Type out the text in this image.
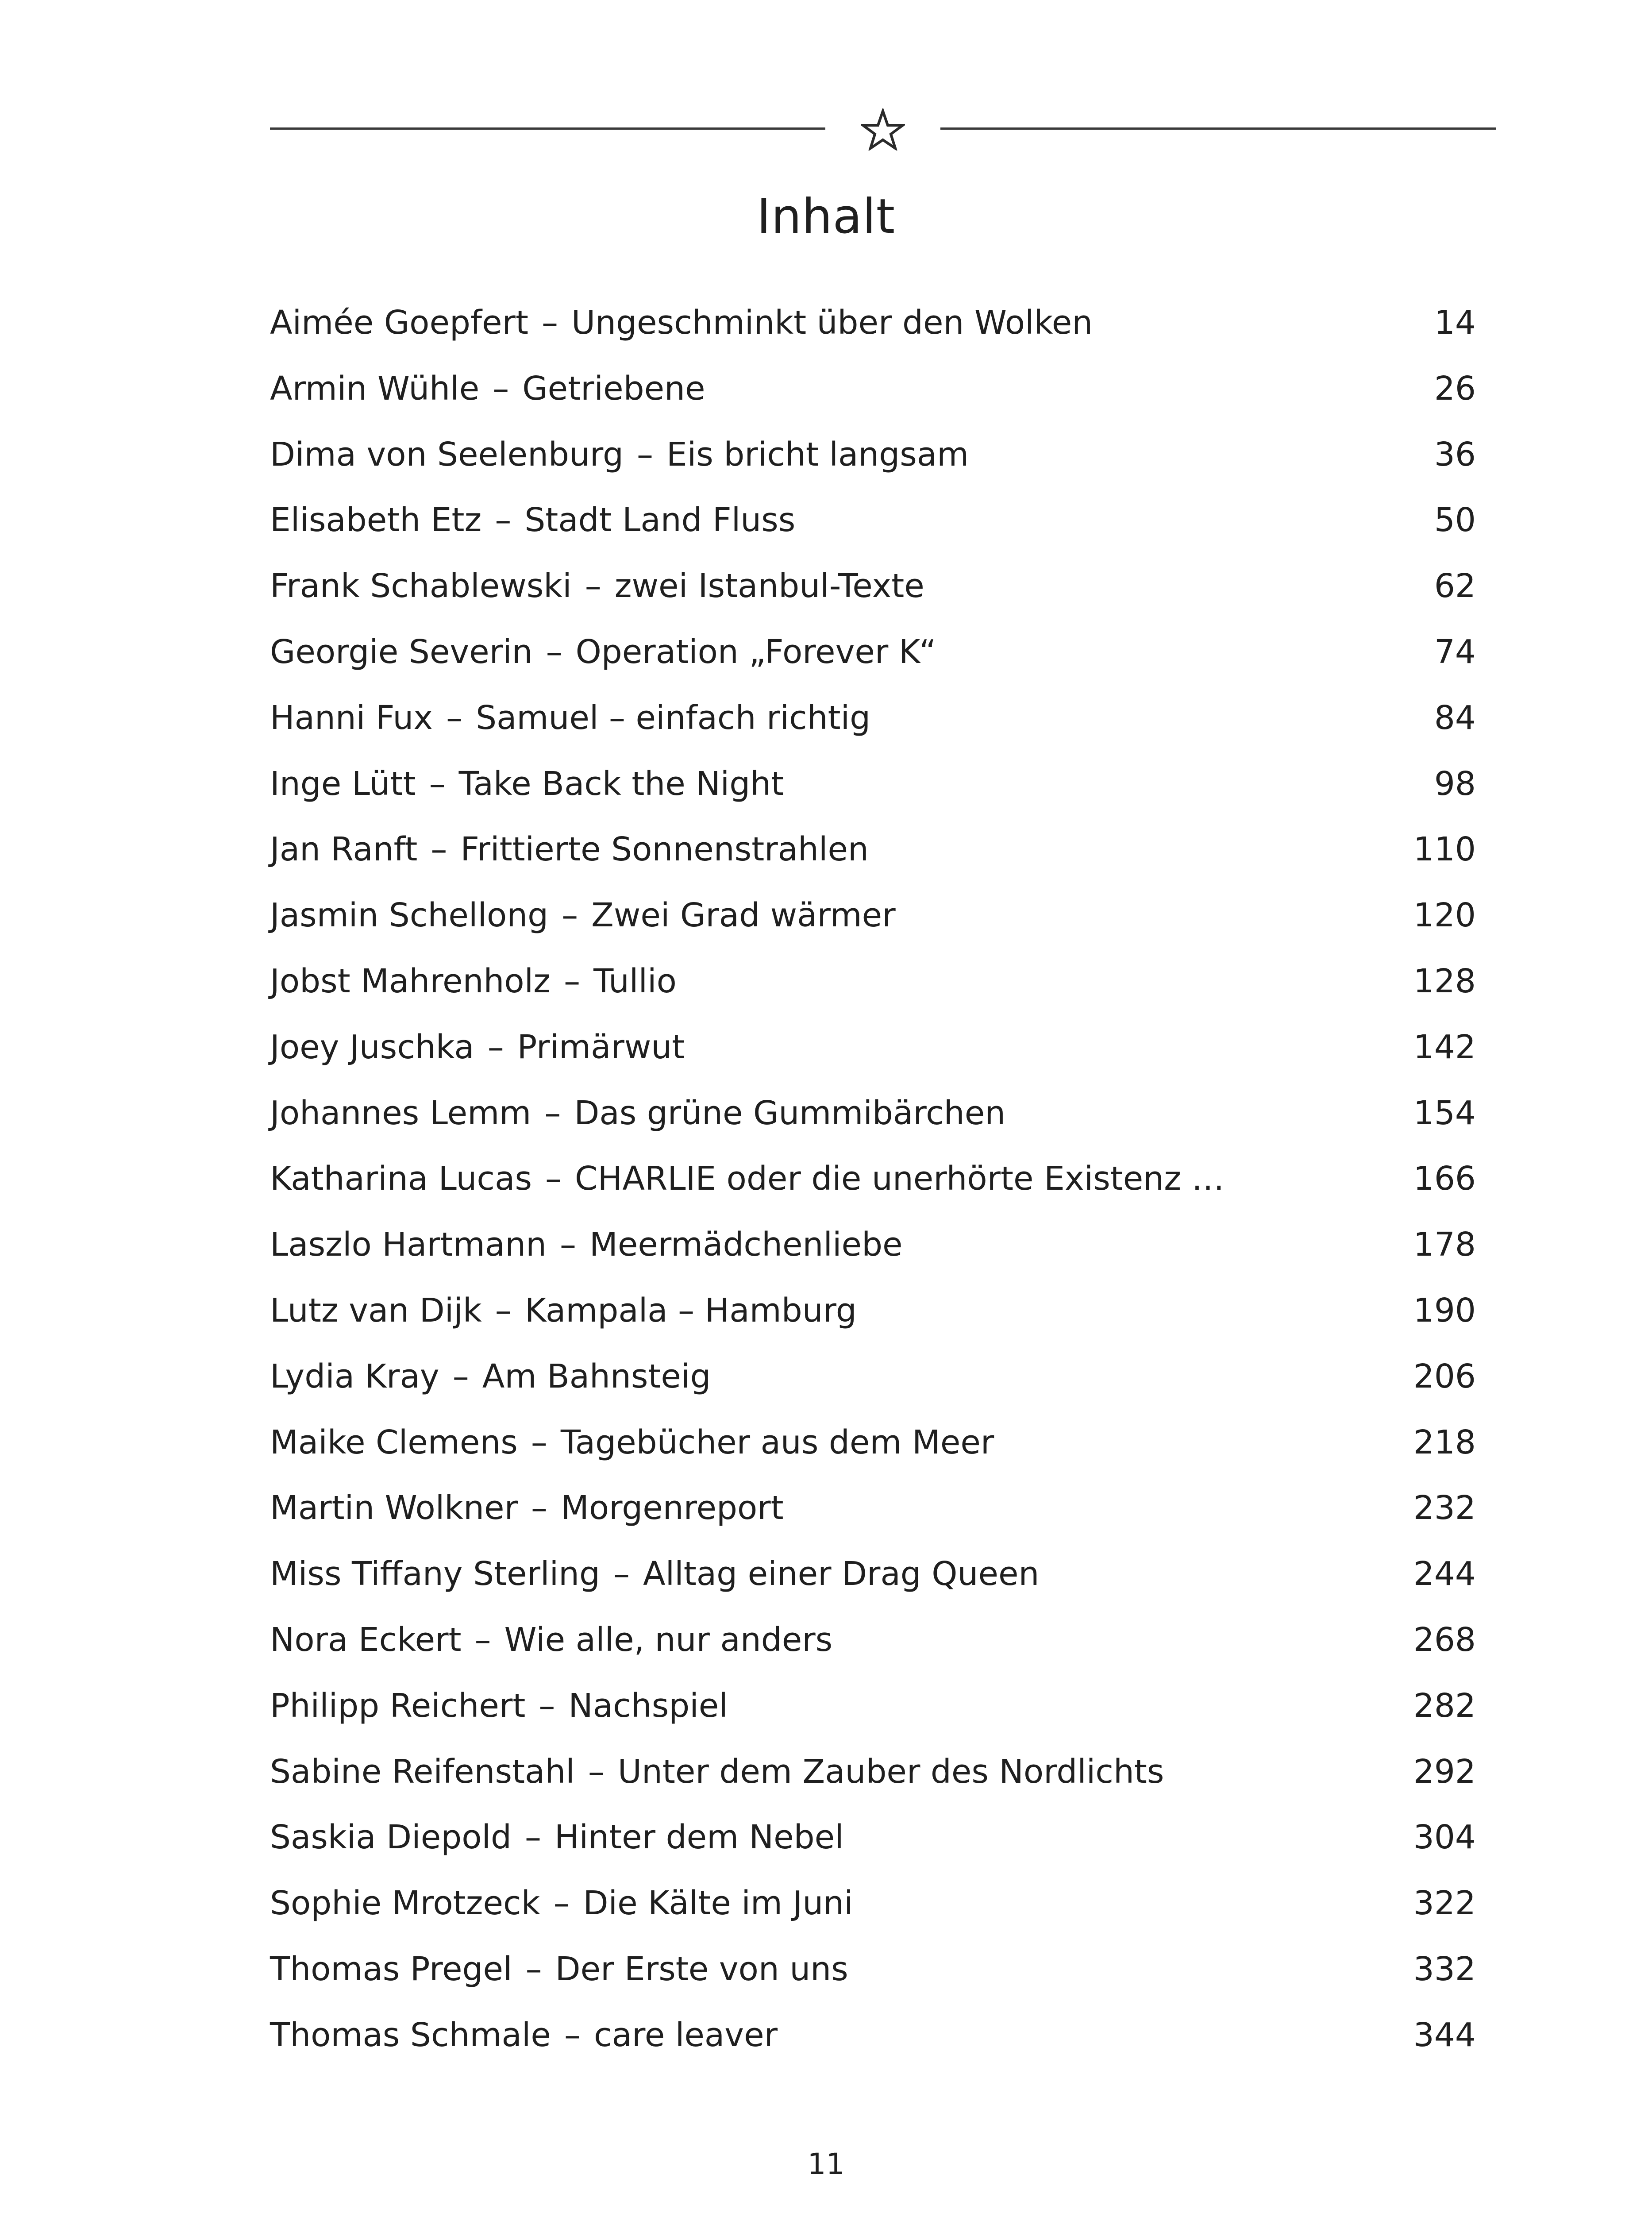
Inhalt
Aimée Goepfert – Ungeschminkt über den Wolken	14
Armin Wühle – Getriebene	26
Dima von Seelenburg – Eis bricht langsam	36
Elisabeth Etz – Stadt Land Fluss	50
Frank Schablewski – zwei Istanbul-Texte	62
Georgie Severin – Operation „Forever K“	74
Hanni Fux – Samuel – einfach richtig	84
Inge Lütt – Take Back the Night	98
Jan Ranft – Frittierte Sonnenstrahlen	110
Jasmin Schellong – Zwei Grad wärmer	120
Jobst Mahrenholz – Tullio	128
Joey Juschka – Primärwut	142
Johannes Lemm – Das grüne Gummibärchen	154
Katharina Lucas – CHARLIE oder die unerhörte Existenz …	166
Laszlo Hartmann – Meermädchenliebe	178
Lutz van Dijk – Kampala – Hamburg	190
Lydia Kray – Am Bahnsteig	206
Maike Clemens – Tagebücher aus dem Meer	218
Martin Wolkner – Morgenreport	232
Miss Tiffany Sterling – Alltag einer Drag Queen	244
Nora Eckert – Wie alle, nur anders	268
Philipp Reichert – Nachspiel	282
Sabine Reifenstahl – Unter dem Zauber des Nordlichts	292
Saskia Diepold – Hinter dem Nebel	304
Sophie Mrotzeck – Die Kälte im Juni	322
Thomas Pregel – Der Erste von uns	332
Thomas Schmale – care leaver	344
11
